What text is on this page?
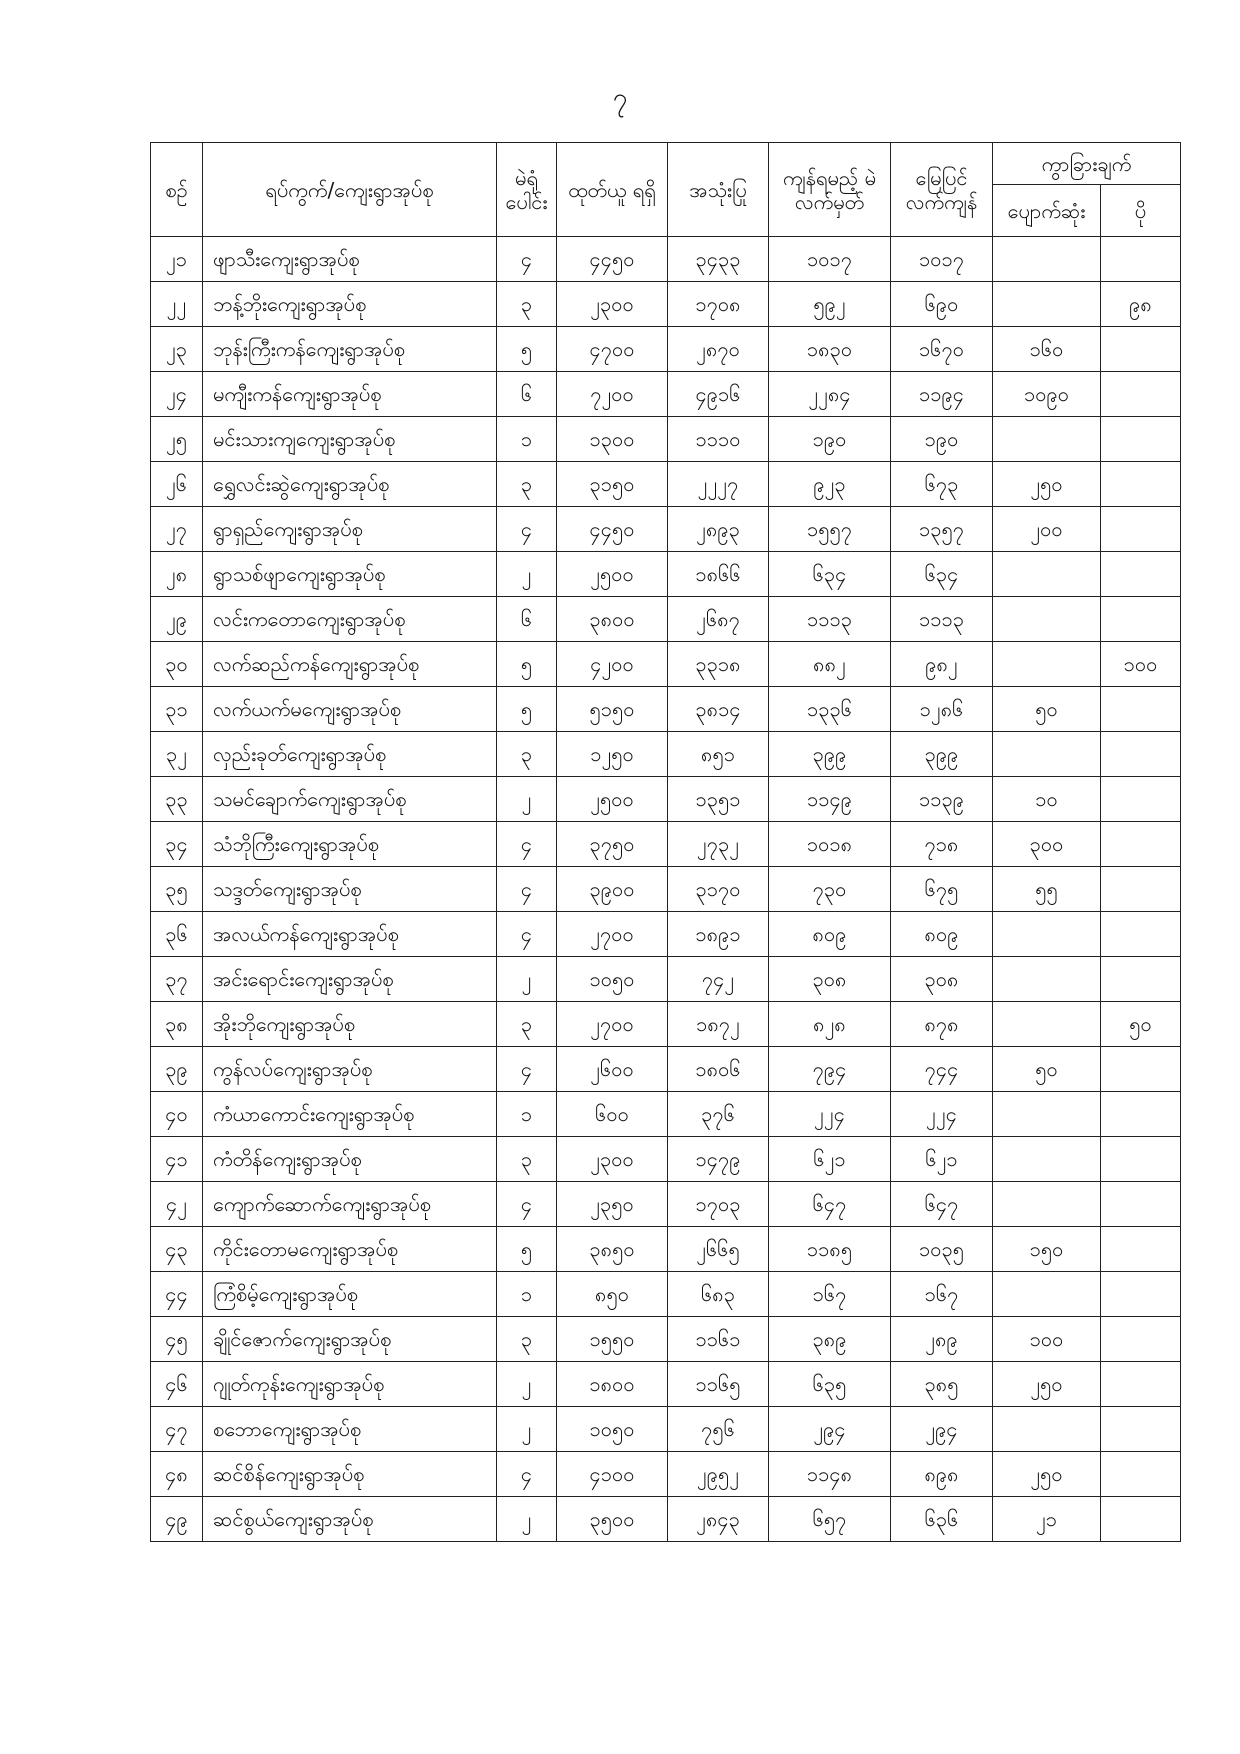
၇
စဉ်	ရပ်ကွက်/ကျေးရွာအုပ်စု	မဲရုံ ပေါင်း	ထုတ်ယူ ရရှိ	အသုံးပြု	ကျန်ရမည့် မဲလက်မှတ်	မြေပြင် လက်ကျန်	ကွာခြားချက်	
							ပျောက်ဆုံး	ပို
၂၁	ဖျာသီးကျေးရွာအုပ်စု	၄	၄၄၅၀	၃၄၃၃	၁၀၁၇	၁၀၁၇		
၂၂	ဘန့်ဘိုးကျေးရွာအုပ်စု	၃	၂၃၀၀	၁၇၀၈	၅၉၂	၆၉၀		၉၈
၂၃	ဘုန်းကြီးကန်ကျေးရွာအုပ်စု	၅	၄၇၀၀	၂၈၇၀	၁၈၃၀	၁၆၇၀	၁၆၀	
၂၄	မကျီးကန်ကျေးရွာအုပ်စု	၆	၇၂၀၀	၄၉၁၆	၂၂၈၄	၁၁၉၄	၁၀၉၀	
၂၅	မင်းသားကျကျေးရွာအုပ်စု	၁	၁၃၀၀	၁၁၁၀	၁၉၀	၁၉၀		
၂၆	ရွှေလင်းဆွဲကျေးရွာအုပ်စု	၃	၃၁၅၀	၂၂၂၇	၉၂၃	၆၇၃	၂၅၀	
၂၇	ရွာရှည်ကျေးရွာအုပ်စု	၄	၄၄၅၀	၂၈၉၃	၁၅၅၇	၁၃၅၇	၂၀၀	
၂၈	ရွာသစ်ဖျာကျေးရွာအုပ်စု	၂	၂၅၀၀	၁၈၆၆	၆၃၄	၆၃၄		
၂၉	လင်းကတောကျေးရွာအုပ်စု	၆	၃၈၀၀	၂၆၈၇	၁၁၁၃	၁၁၁၃		
၃၀	လက်ဆည်ကန်ကျေးရွာအုပ်စု	၅	၄၂၀၀	၃၃၁၈	၈၈၂	၉၈၂		၁၀၀
၃၁	လက်ယက်မကျေးရွာအုပ်စု	၅	၅၁၅၀	၃၈၁၄	၁၃၃၆	၁၂၈၆	၅၀	
၃၂	လှည်းခုတ်ကျေးရွာအုပ်စု	၃	၁၂၅၀	၈၅၁	၃၉၉	၃၉၉		
၃၃	သမင်ချောက်ကျေးရွာအုပ်စု	၂	၂၅၀၀	၁၃၅၁	၁၁၄၉	၁၁၃၉	၁၀	
၃၄	သံဘိုကြီးကျေးရွာအုပ်စု	၄	၃၇၅၀	၂၇၃၂	၁၀၁၈	၇၁၈	၃၀၀	
၃၅	သဒ္ဒတ်ကျေးရွာအုပ်စု	၄	၃၉၀၀	၃၁၇၀	၇၃၀	၆၇၅	၅၅	
၃၆	အလယ်ကန်ကျေးရွာအုပ်စု	၄	၂၇၀၀	၁၈၉၁	၈၀၉	၈၀၉		
၃၇	အင်းရောင်းကျေးရွာအုပ်စု	၂	၁၀၅၀	၇၄၂	၃၀၈	၃၀၈		
၃၈	အိုးဘိုကျေးရွာအုပ်စု	၃	၂၇၀၀	၁၈၇၂	၈၂၈	၈၇၈		၅၀
၃၉	ကွန်လပ်ကျေးရွာအုပ်စု	၄	၂၆၀၀	၁၈၀၆	၇၉၄	၇၄၄	၅၀	
၄၀	ကံယာကောင်းကျေးရွာအုပ်စု	၁	၆၀၀	၃၇၆	၂၂၄	၂၂၄		
၄၁	ကံတိန်ကျေးရွာအုပ်စု	၃	၂၃၀၀	၁၄၇၉	၆၂၁	၆၂၁		
၄၂	ကျောက်ဆောက်ကျေးရွာအုပ်စု	၄	၂၃၅၀	၁၇၀၃	၆၄၇	၆၄၇		
၄၃	ကိုင်းတောမကျေးရွာအုပ်စု	၅	၃၈၅၀	၂၆၆၅	၁၁၈၅	၁၀၃၅	၁၅၀	
၄၄	ကြံစိမ့်ကျေးရွာအုပ်စု	၁	၈၅၀	၆၈၃	၁၆၇	၁၆၇		
၄၅	ချိုင်ဇောက်ကျေးရွာအုပ်စု	၃	၁၅၅၀	၁၁၆၁	၃၈၉	၂၈၉	၁၀၀	
၄၆	ဂျုတ်ကုန်းကျေးရွာအုပ်စု	၂	၁၈၀၀	၁၁၆၅	၆၃၅	၃၈၅	၂၅၀	
၄၇	စဘောကျေးရွာအုပ်စု	၂	၁၀၅၀	၇၅၆	၂၉၄	၂၉၄		
၄၈	ဆင်စိန်ကျေးရွာအုပ်စု	၄	၄၁၀၀	၂၉၅၂	၁၁၄၈	၈၉၈	၂၅၀	
၄၉	ဆင်စွယ်ကျေးရွာအုပ်စု	၂	၃၅၀၀	၂၈၄၃	၆၅၇	၆၃၆	၂၁	
